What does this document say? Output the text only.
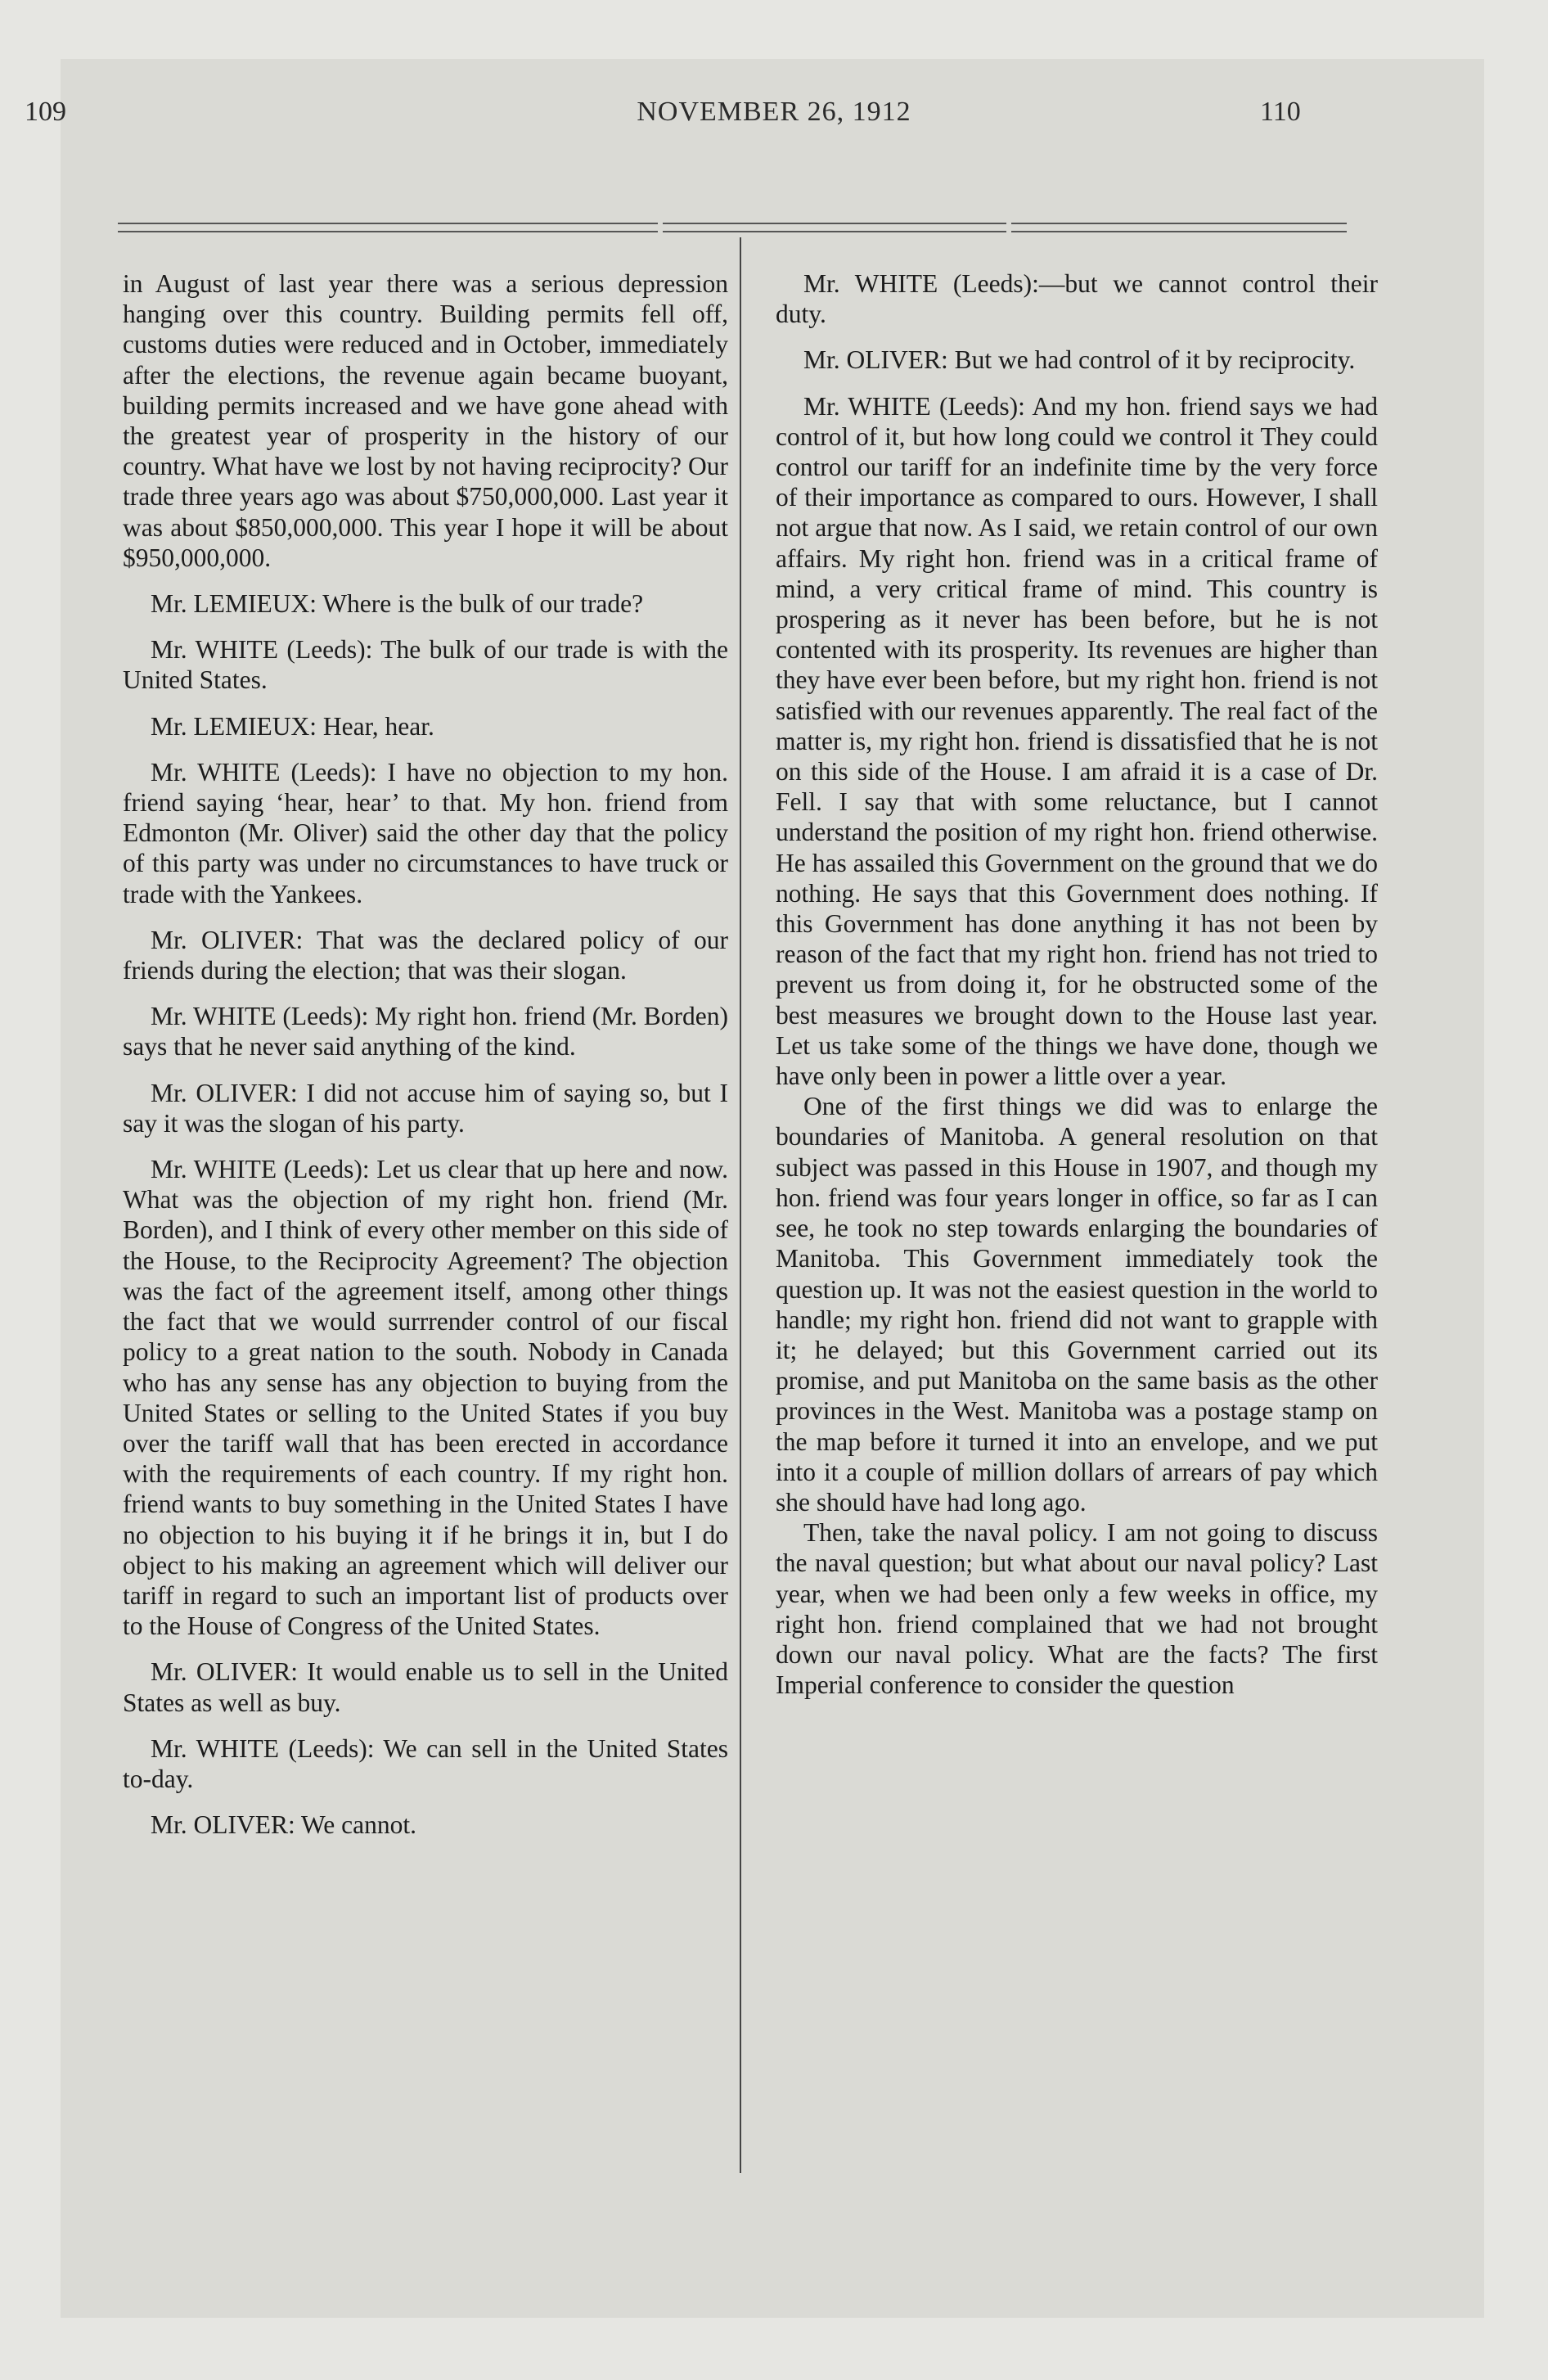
109	NOVEMBER 26, 1912	110

in August of last year there was a serious depression hanging over this country. Building permits fell off, customs duties were reduced and in October, immediately after the elections, the revenue again became buoyant, building permits increased and we have gone ahead with the greatest year of prosperity in the history of our country. What have we lost by not having reciprocity? Our trade three years ago was about $750,000,000. Last year it was about $850,000,000. This year I hope it will be about $950,000,000.

Mr. LEMIEUX: Where is the bulk of our trade?

Mr. WHITE (Leeds): The bulk of our trade is with the United States.

Mr. LEMIEUX: Hear, hear.

Mr. WHITE (Leeds): I have no objection to my hon. friend saying ‘hear, hear’ to that. My hon. friend from Edmonton (Mr. Oliver) said the other day that the policy of this party was under no circumstances to have truck or trade with the Yankees.

Mr. OLIVER: That was the declared policy of our friends during the election; that was their slogan.

Mr. WHITE (Leeds): My right hon. friend (Mr. Borden) says that he never said anything of the kind.

Mr. OLIVER: I did not accuse him of saying so, but I say it was the slogan of his party.

Mr. WHITE (Leeds): Let us clear that up here and now. What was the objection of my right hon. friend (Mr. Borden), and I think of every other member on this side of the House, to the Reciprocity Agreement? The objection was the fact of the agreement itself, among other things the fact that we would surrrender control of our fiscal policy to a great nation to the south. Nobody in Canada who has any sense has any objection to buying from the United States or selling to the United States if you buy over the tariff wall that has been erected in accordance with the requirements of each country. If my right hon. friend wants to buy something in the United States I have no objection to his buying it if he brings it in, but I do object to his making an agreement which will deliver our tariff in regard to such an important list of products over to the House of Congress of the United States.

Mr. OLIVER: It would enable us to sell in the United States as well as buy.

Mr. WHITE (Leeds): We can sell in the United States to-day.

Mr. OLIVER: We cannot.

Mr. WHITE (Leeds):—but we cannot control their duty.

Mr. OLIVER: But we had control of it by reciprocity.

Mr. WHITE (Leeds): And my hon. friend says we had control of it, but how long could we control it They could control our tariff for an indefinite time by the very force of their importance as compared to ours. However, I shall not argue that now. As I said, we retain control of our own affairs. My right hon. friend was in a critical frame of mind, a very critical frame of mind. This country is prospering as it never has been before, but he is not contented with its prosperity. Its revenues are higher than they have ever been before, but my right hon. friend is not satisfied with our revenues apparently. The real fact of the matter is, my right hon. friend is dissatisfied that he is not on this side of the House. I am afraid it is a case of Dr. Fell. I say that with some reluctance, but I cannot understand the position of my right hon. friend otherwise. He has assailed this Government on the ground that we do nothing. He says that this Government does nothing. If this Government has done anything it has not been by reason of the fact that my right hon. friend has not tried to prevent us from doing it, for he obstructed some of the best measures we brought down to the House last year. Let us take some of the things we have done, though we have only been in power a little over a year.

One of the first things we did was to enlarge the boundaries of Manitoba. A general resolution on that subject was passed in this House in 1907, and though my hon. friend was four years longer in office, so far as I can see, he took no step towards enlarging the boundaries of Manitoba. This Government immediately took the question up. It was not the easiest question in the world to handle; my right hon. friend did not want to grapple with it; he delayed; but this Government carried out its promise, and put Manitoba on the same basis as the other provinces in the West. Manitoba was a postage stamp on the map before it turned it into an envelope, and we put into it a couple of million dollars of arrears of pay which she should have had long ago.

Then, take the naval policy. I am not going to discuss the naval question; but what about our naval policy? Last year, when we had been only a few weeks in office, my right hon. friend complained that we had not brought down our naval policy. What are the facts? The first Imperial conference to consider the question
